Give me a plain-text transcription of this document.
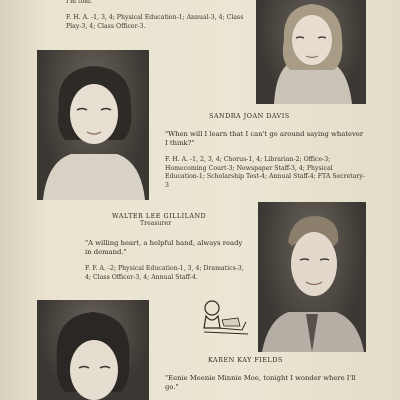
I'm told."
F. H. A. -1, 3, 4; Physical Education-1; Annual-3, 4; Class Play-3, 4; Class Officer-3.
SANDRA JOAN DAVIS
"When will I learn that I can't go around saying whatever I think?"
F. H. A. -1, 2, 3, 4; Chorus-1, 4; Librarian-2; Office-3; Homecoming Court-3; Newspaper Staff-3, 4; Physical Education-1; Scholarship Test-4; Annual Staff-4; FTA Secretary-3
WALTER LEE GILLILAND
Treasurer
"A willing heart, a helpful hand, always ready in demand."
F. F. A. -2; Physical Education-1, 3, 4; Dramatics-3, 4; Class Officer-3, 4; Annual Staff-4.
KAREN KAY FIELDS
"Eenie Meenie Minnie Moe, tonight I wonder where I'll go."
